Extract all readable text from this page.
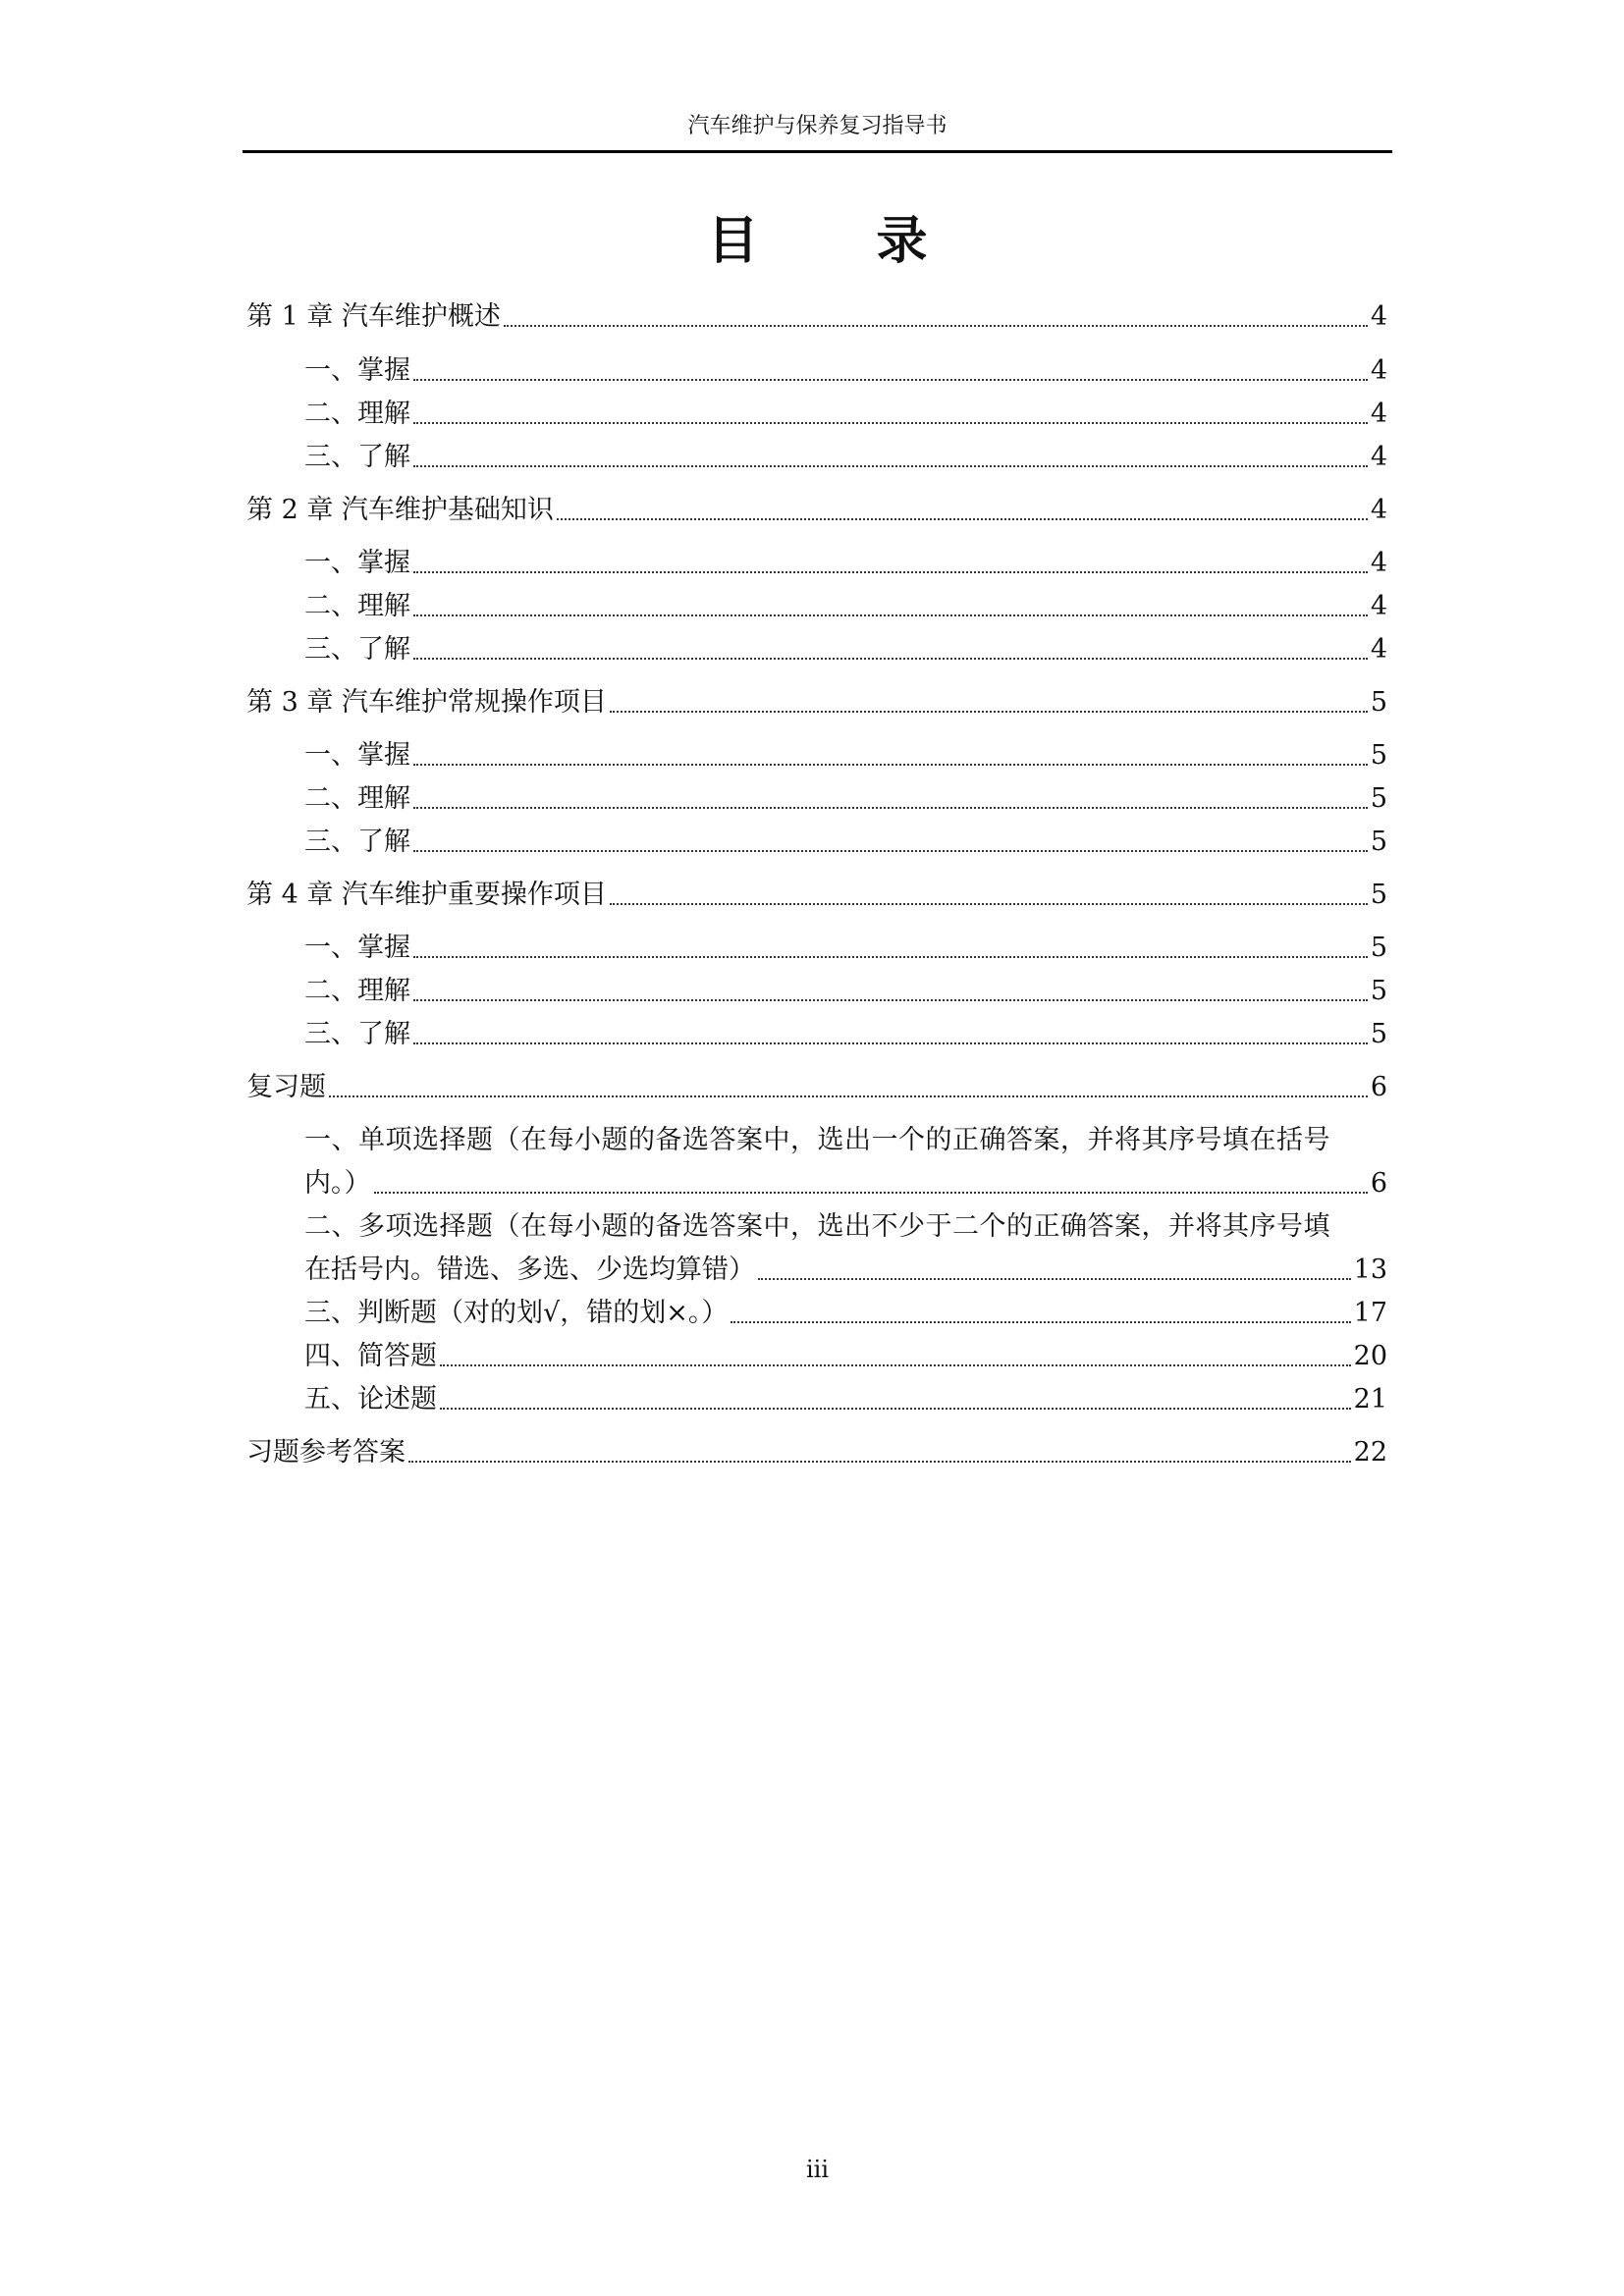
汽车维护与保养复习指导书
目 录
第 1 章 汽车维护概述	4
一、掌握	4
二、理解	4
三、了解	4
第 2 章 汽车维护基础知识	4
一、掌握	4
二、理解	4
三、了解	4
第 3 章 汽车维护常规操作项目	5
一、掌握	5
二、理解	5
三、了解	5
第 4 章 汽车维护重要操作项目	5
一、掌握	5
二、理解	5
三、了解	5
复习题	6
一、单项选择题（在每小题的备选答案中，选出一个的正确答案，并将其序号填在括号
内。）	6
二、多项选择题（在每小题的备选答案中，选出不少于二个的正确答案，并将其序号填
在括号内。错选、多选、少选均算错）	13
三、判断题（对的划√，错的划×。）	17
四、简答题	20
五、论述题	21
习题参考答案	22
iii
